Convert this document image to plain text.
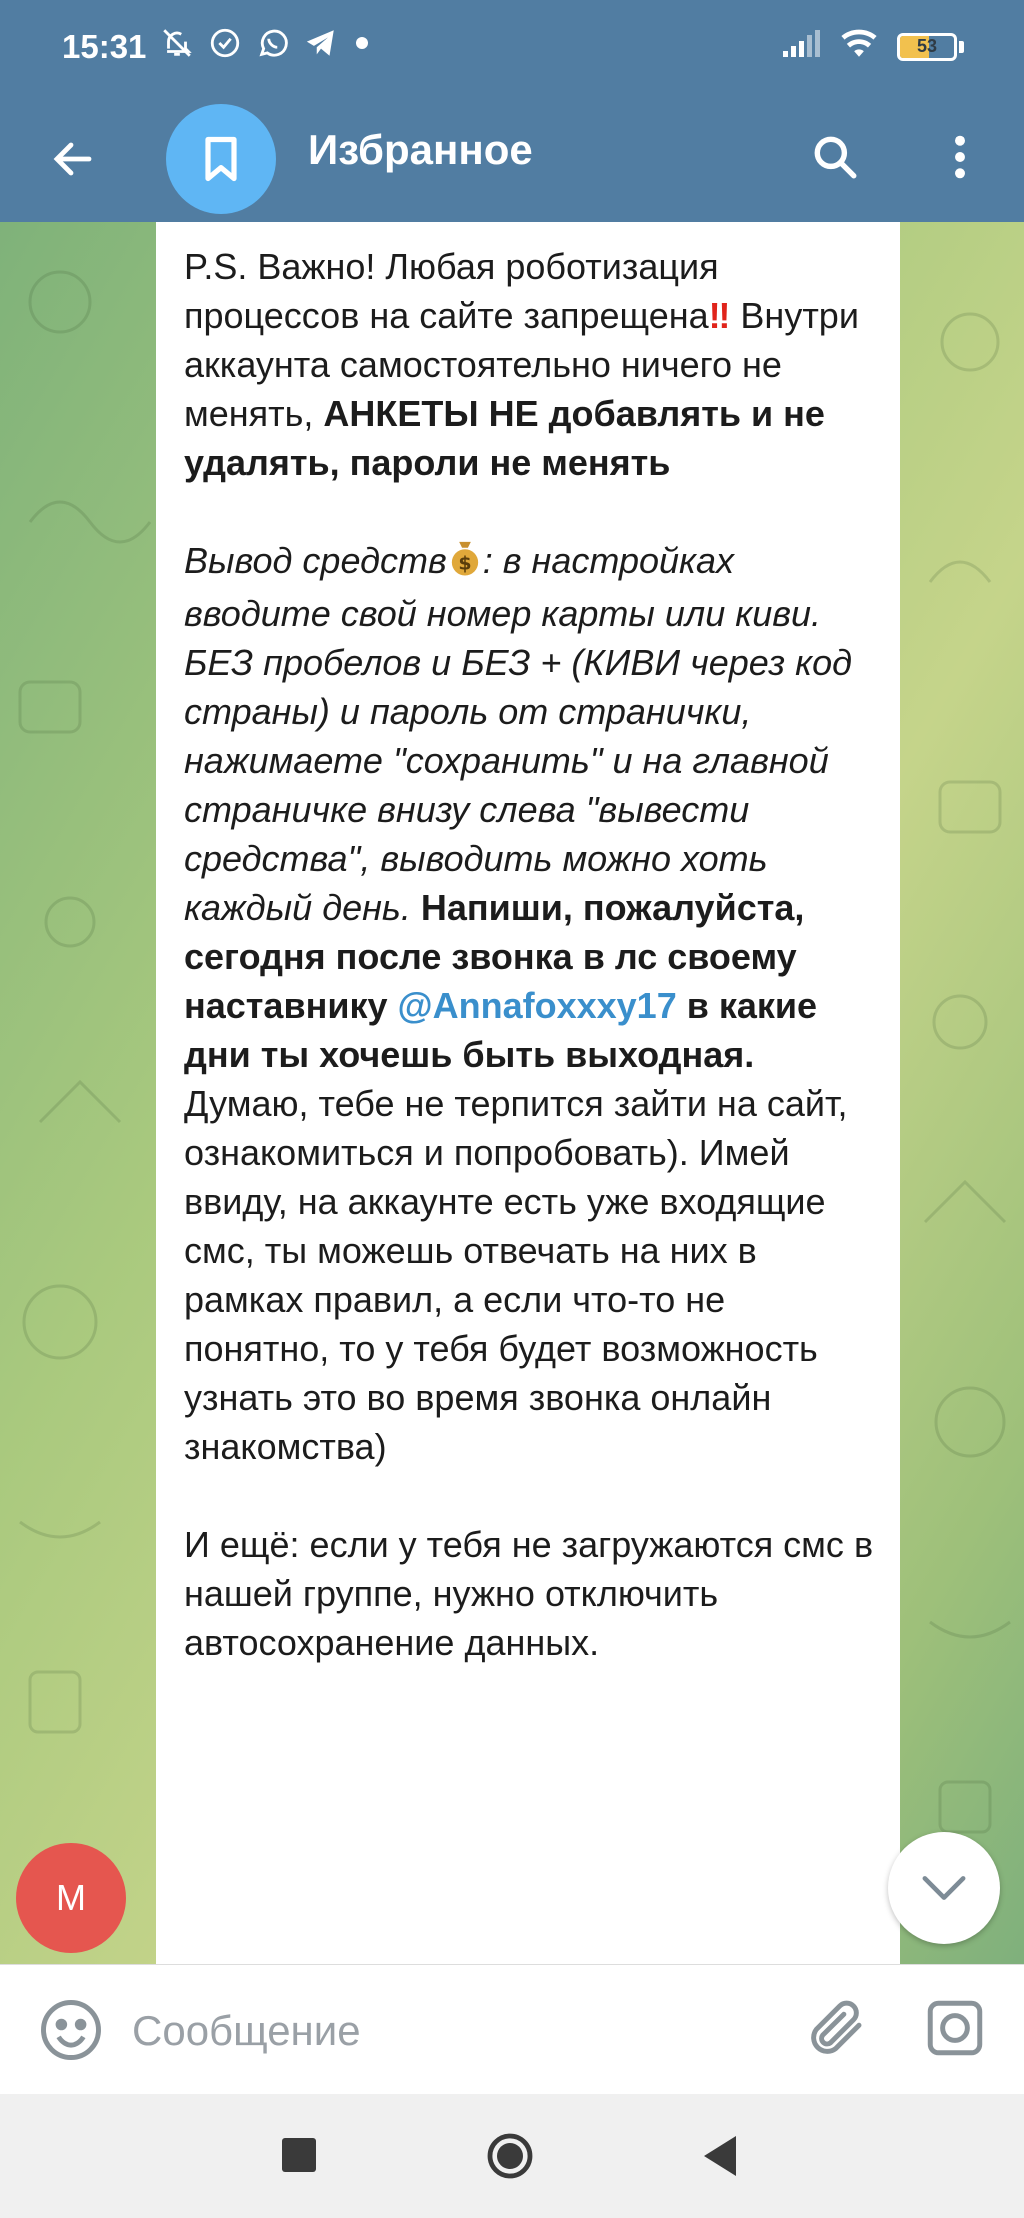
15:31	53
Избранное

P.S. Важно! Любая роботизация процессов на сайте запрещена‼ Внутри аккаунта самостоятельно ничего не менять, АНКЕТЫ НЕ добавлять и не удалять, пароли не менять

Вывод средств $ : в настройках вводите свой номер карты или киви. БЕЗ пробелов и БЕЗ + (КИВИ через код страны) и пароль от странички, нажимаете "сохранить" и на главной страничке внизу слева "вывести средства", выводить можно хоть каждый день. Напиши, пожалуйста, сегодня после звонка в лс своему наставнику @Annafoxxxy17 в какие дни ты хочешь быть выходная. Думаю, тебе не терпится зайти на сайт, ознакомиться и попробовать). Имей ввиду, на аккаунте есть уже входящие смс, ты можешь отвечать на них в рамках правил, а если что-то не понятно, то у тебя будет возможность узнать это во время звонка онлайн знакомства)

И ещё: если у тебя не загружаются смс в нашей группе, нужно отключить автосохранение данных.

M
Сообщение
